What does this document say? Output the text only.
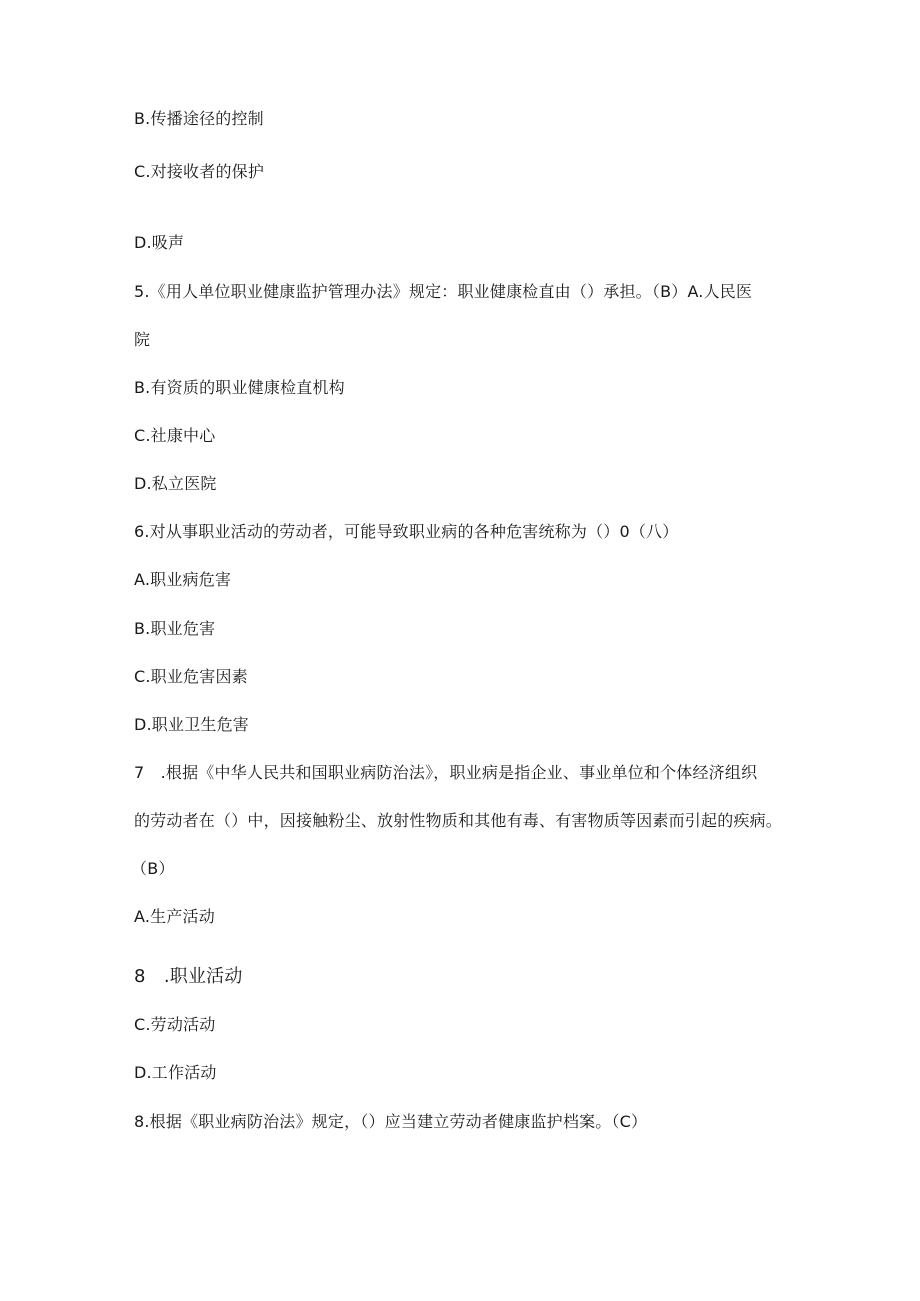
B.传播途径的控制
C.对接收者的保护
D.吸声
5.《用人单位职业健康监护管理办法》规定：职业健康检直由（）承担。（B）A.人民医
院
B.有资质的职业健康检直机构
C.社康中心
D.私立医院
6.对从事职业活动的劳动者，可能导致职业病的各种危害统称为（）0（八）
A.职业病危害
B.职业危害
C.职业危害因素
D.职业卫生危害
7　.根据《中华人民共和国职业病防治法》，职业病是指企业、事业单位和个体经济组织
的劳动者在（）中，因接触粉尘、放射性物质和其他有毒、有害物质等因素而引起的疾病。
（B）
A.生产活动
8　.职业活动
C.劳动活动
D.工作活动
8.根据《职业病防治法》规定，（）应当建立劳动者健康监护档案。（C）
